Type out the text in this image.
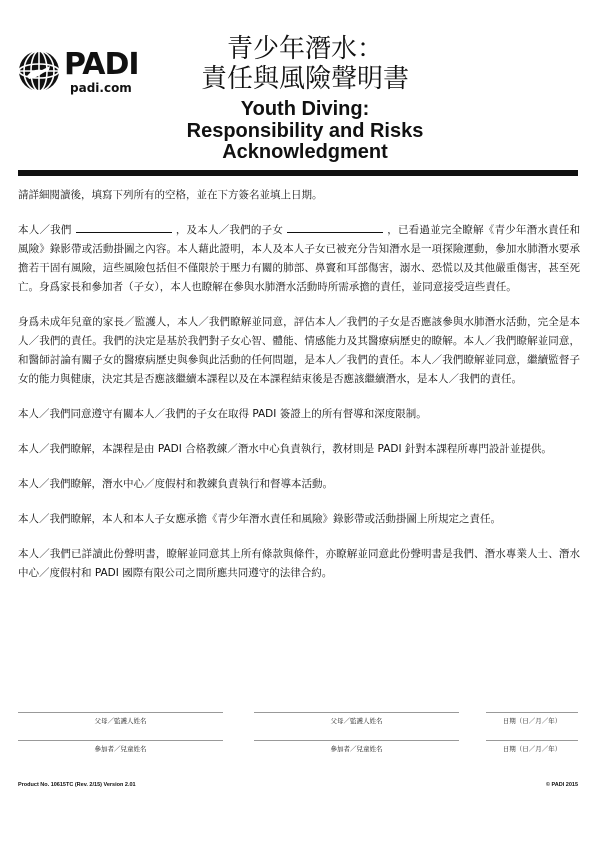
PADI
padi.com
青少年潛水：
責任與風險聲明書
Youth Diving:
Responsibility and Risks
Acknowledgment

請詳細閱讀後，填寫下列所有的空格，並在下方簽名並填上日期。

本人／我們	，及本人／我們的子女	，已看過並完全瞭解《青少年潛水責任和風險》錄影帶或活動掛圖之內容。本人藉此證明，本人及本人子女已被充分告知潛水是一項探險運動，參加水肺潛水要承擔若干固有風險，這些風險包括但不僅限於于壓力有關的肺部、鼻竇和耳部傷害，溺水、恐慌以及其他嚴重傷害，甚至死亡。身爲家長和參加者（子女），本人也瞭解在參與水肺潛水活動時所需承擔的責任，並同意接受這些責任。

身爲未成年兒童的家長／監護人，本人／我們瞭解並同意，評估本人／我們的子女是否應該參與水肺潛水活動，完全是本人／我們的責任。我們的決定是基於我們對子女心智、體能、情感能力及其醫療病歷史的瞭解。本人／我們瞭解並同意，和醫師討論有關子女的醫療病歷史與參與此活動的任何問題，是本人／我們的責任。本人／我們瞭解並同意，繼續監督子女的能力與健康，決定其是否應該繼續本課程以及在本課程結束後是否應該繼續潛水，是本人／我們的責任。

本人／我們同意遵守有關本人／我們的子女在取得 PADI 簽證上的所有督導和深度限制。

本人／我們瞭解，本課程是由 PADI 合格教練／潛水中心負責執行，教材則是 PADI 針對本課程所專門設計並提供。

本人／我們瞭解，潛水中心／度假村和教練負責執行和督導本活動。

本人／我們瞭解，本人和本人子女應承擔《青少年潛水責任和風險》錄影帶或活動掛圖上所規定之責任。

本人／我們已詳讀此份聲明書，瞭解並同意其上所有條款與條件，亦瞭解並同意此份聲明書是我們、潛水專業人士、潛水中心／度假村和 PADI 國際有限公司之間所應共同遵守的法律合約。

父母／監護人姓名	父母／監護人姓名	日期（日／月／年）
參加者／兒童姓名	參加者／兒童姓名	日期（日／月／年）
Product No. 10615TC (Rev. 2/15) Version 2.01	© PADI 2015
